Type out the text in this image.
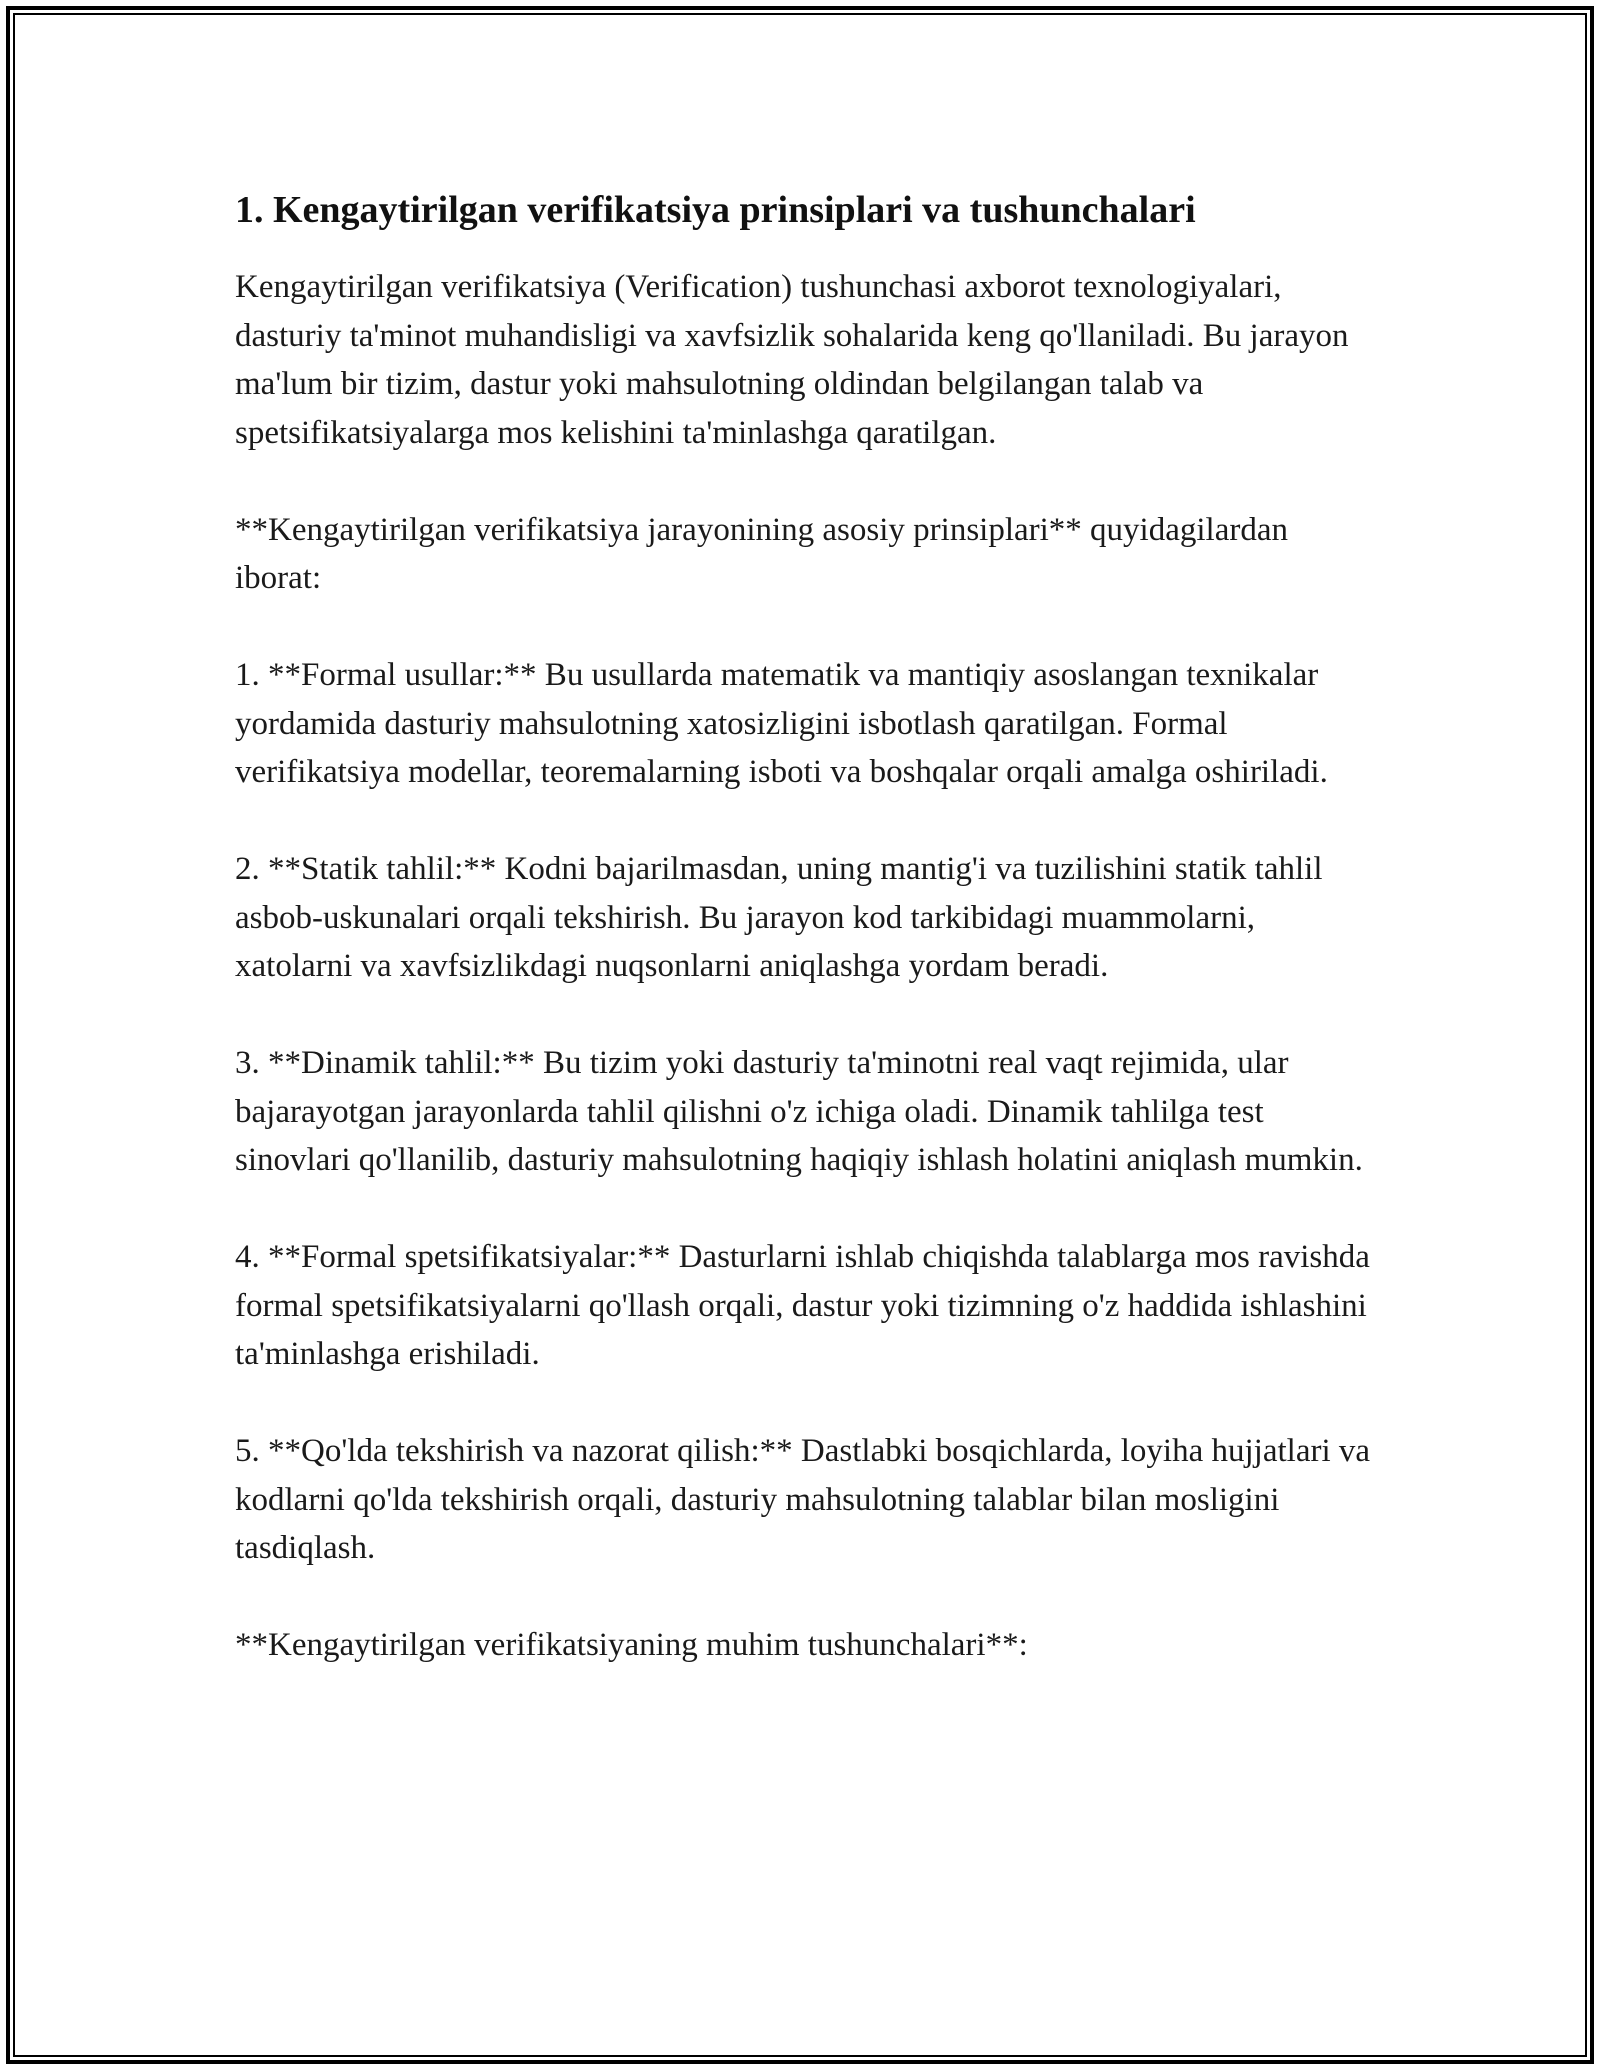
1. Kengaytirilgan verifikatsiya prinsiplari va tushunchalari

Kengaytirilgan verifikatsiya (Verification) tushunchasi axborot texnologiyalari, dasturiy ta'minot muhandisligi va xavfsizlik sohalarida keng qo'llaniladi. Bu jarayon ma'lum bir tizim, dastur yoki mahsulotning oldindan belgilangan talab va spetsifikatsiyalarga mos kelishini ta'minlashga qaratilgan.

**Kengaytirilgan verifikatsiya jarayonining asosiy prinsiplari** quyidagilardan iborat:

1. **Formal usullar:** Bu usullarda matematik va mantiqiy asoslangan texnikalar yordamida dasturiy mahsulotning xatosizligini isbotlash qaratilgan. Formal verifikatsiya modellar, teoremalarning isboti va boshqalar orqali amalga oshiriladi.

2. **Statik tahlil:** Kodni bajarilmasdan, uning mantig'i va tuzilishini statik tahlil asbob-uskunalari orqali tekshirish. Bu jarayon kod tarkibidagi muammolarni, xatolarni va xavfsizlikdagi nuqsonlarni aniqlashga yordam beradi.

3. **Dinamik tahlil:** Bu tizim yoki dasturiy ta'minotni real vaqt rejimida, ular bajarayotgan jarayonlarda tahlil qilishni o'z ichiga oladi. Dinamik tahlilga test sinovlari qo'llanilib, dasturiy mahsulotning haqiqiy ishlash holatini aniqlash mumkin.

4. **Formal spetsifikatsiyalar:** Dasturlarni ishlab chiqishda talablarga mos ravishda formal spetsifikatsiyalarni qo'llash orqali, dastur yoki tizimning o'z haddida ishlashini ta'minlashga erishiladi.

5. **Qo'lda tekshirish va nazorat qilish:** Dastlabki bosqichlarda, loyiha hujjatlari va kodlarni qo'lda tekshirish orqali, dasturiy mahsulotning talablar bilan mosligini tasdiqlash.

**Kengaytirilgan verifikatsiyaning muhim tushunchalari**:
